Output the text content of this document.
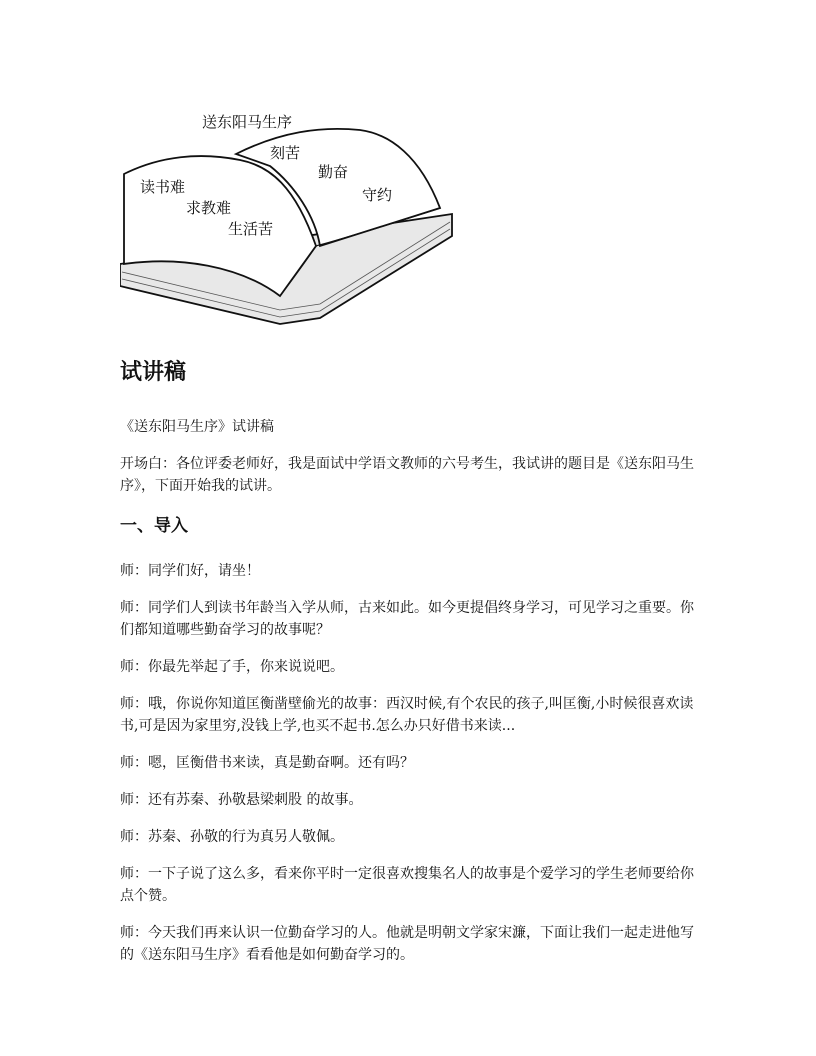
送东阳马生序
刻苦
勤奋
守约
读书难
求教难
生活苦
试讲稿

《送东阳马生序》试讲稿

开场白：各位评委老师好，我是面试中学语文教师的六号考生，我试讲的题目是《送东阳马生序》，下面开始我的试讲。

一、导入

师：同学们好，请坐！

师：同学们人到读书年龄当入学从师，古来如此。如今更提倡终身学习，可见学习之重要。你们都知道哪些勤奋学习的故事呢？

师：你最先举起了手，你来说说吧。

师：哦，你说你知道匡衡凿壁偷光的故事：西汉时候,有个农民的孩子,叫匡衡,小时候很喜欢读书,可是因为家里穷,没钱上学,也买不起书.怎么办只好借书来读...

师：嗯，匡衡借书来读，真是勤奋啊。还有吗？

师：还有苏秦、孙敬悬梁刺股 的故事。

师：苏秦、孙敬的行为真另人敬佩。

师：一下子说了这么多，看来你平时一定很喜欢搜集名人的故事是个爱学习的学生老师要给你点个赞。

师：今天我们再来认识一位勤奋学习的人。他就是明朝文学家宋濂，下面让我们一起走进他写的《送东阳马生序》看看他是如何勤奋学习的。
